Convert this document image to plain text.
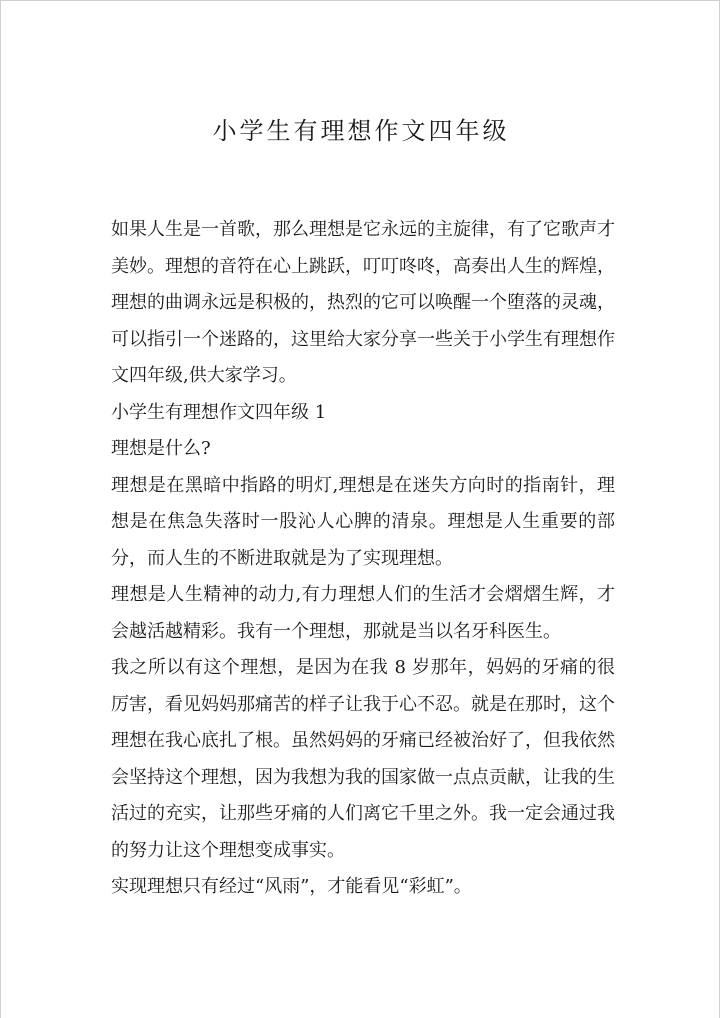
小学生有理想作文四年级

如果人生是一首歌，那么理想是它永远的主旋律，有了它歌声才美妙。理想的音符在心上跳跃，叮叮咚咚，高奏出人生的辉煌，理想的曲调永远是积极的，热烈的它可以唤醒一个堕落的灵魂，可以指引一个迷路的，这里给大家分享一些关于小学生有理想作文四年级,供大家学习。

小学生有理想作文四年级 1

理想是什么?

理想是在黑暗中指路的明灯,理想是在迷失方向时的指南针，理想是在焦急失落时一股沁人心脾的清泉。理想是人生重要的部分，而人生的不断进取就是为了实现理想。

理想是人生精神的动力,有力理想人们的生活才会熠熠生辉，才会越活越精彩。我有一个理想，那就是当以名牙科医生。

我之所以有这个理想，是因为在我 8 岁那年，妈妈的牙痛的很厉害，看见妈妈那痛苦的样子让我于心不忍。就是在那时，这个理想在我心底扎了根。虽然妈妈的牙痛已经被治好了，但我依然会坚持这个理想，因为我想为我的国家做一点点贡献，让我的生活过的充实，让那些牙痛的人们离它千里之外。我一定会通过我的努力让这个理想变成事实。

实现理想只有经过“风雨”，才能看见“彩虹”。
